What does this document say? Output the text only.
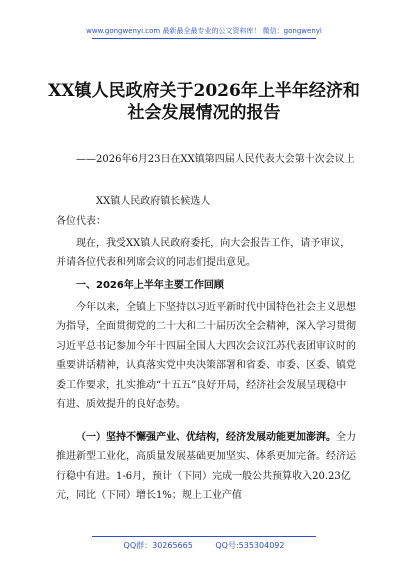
www.gongwenyi.com 最新最全最专业的公文资料库！ 微信：gongwenyi
XX镇人民政府关于2026年上半年经济和社会发展情况的报告
——2026年6月23日在XX镇第四届人民代表大会第十次会议上
XX镇人民政府镇长候选人
各位代表：
现在，我受XX镇人民政府委托，向大会报告工作，请予审议，并请各位代表和列席会议的同志们提出意见。
一、2026年上半年主要工作回顾
今年以来，全镇上下坚持以习近平新时代中国特色社会主义思想为指导，全面贯彻党的二十大和二十届历次全会精神，深入学习贯彻习近平总书记参加今年十四届全国人大四次会议江苏代表团审议时的重要讲话精神，认真落实党中央决策部署和省委、市委、区委、镇党委工作要求，扎实推动“十五五”良好开局，经济社会发展呈现稳中有进、质效提升的良好态势。
（一）坚持不懈强产业、优结构，经济发展动能更加澎湃。全力推进新型工业化，高质量发展基础更加坚实、体系更加完备。经济运行稳中有进。1-6月，预计（下同）完成一般公共预算收入20.23亿元，同比（下同）增长1%；规上工业产值
QQ群：30265665	QQ号:535304092
